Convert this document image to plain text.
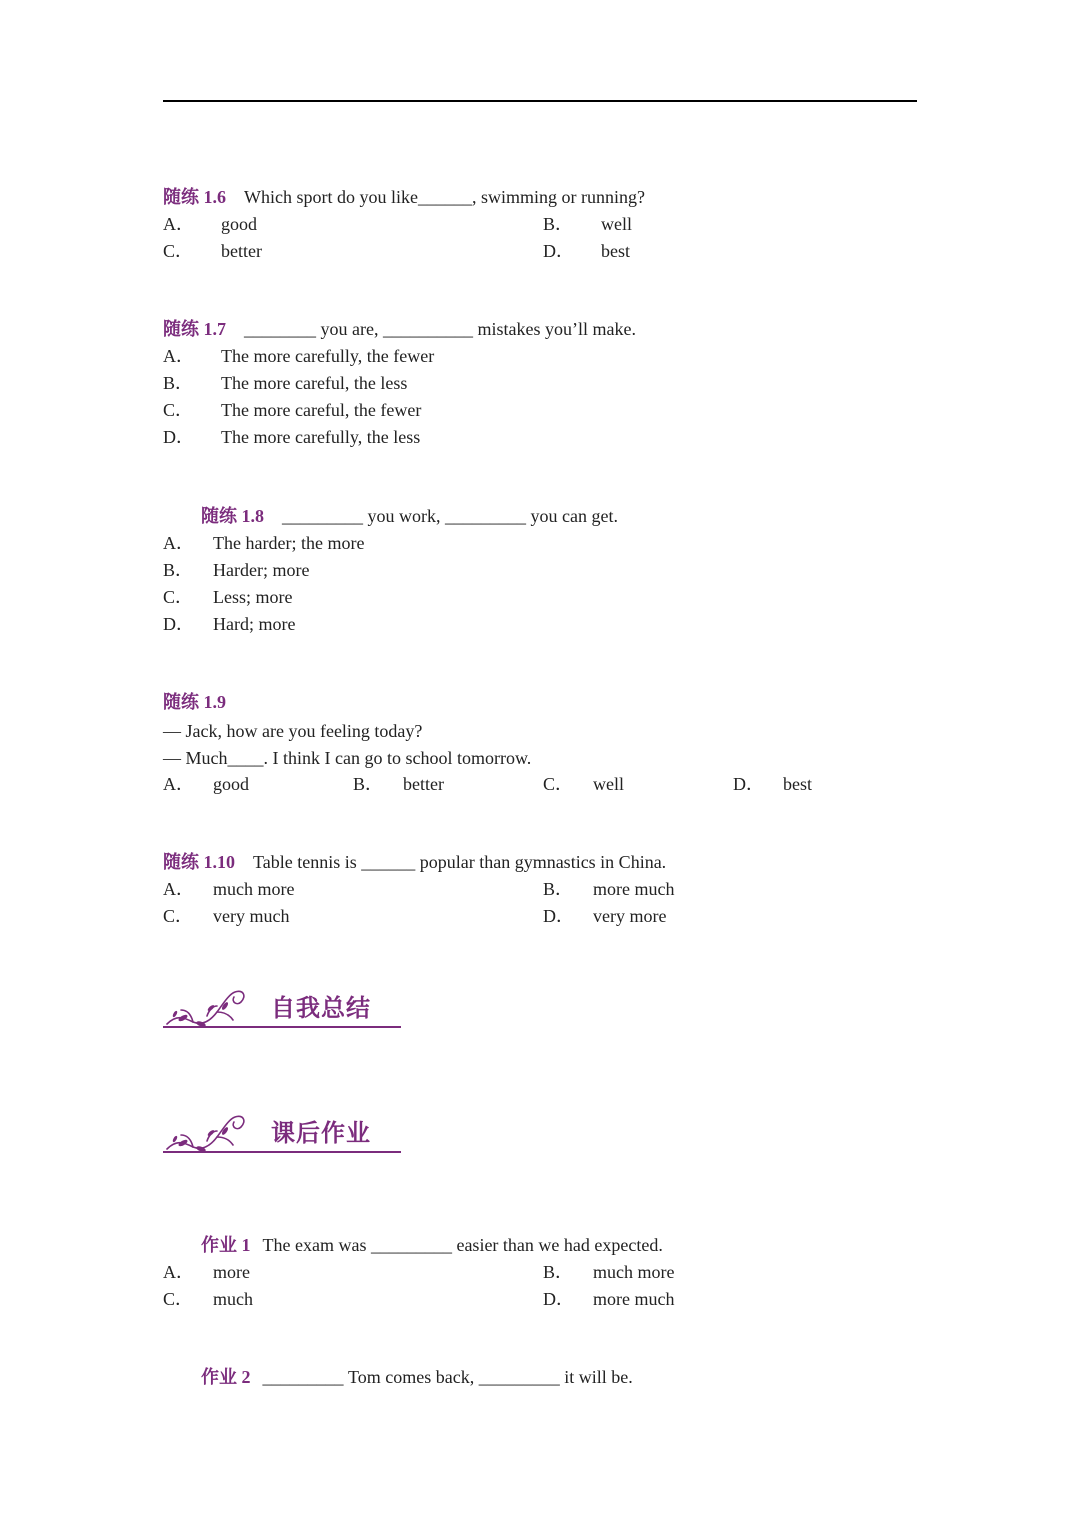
随练 1.6 Which sport do you like______, swimming or running?
A． good	B． well
C． better	D． best
随练 1.7 ________ you are, __________ mistakes you’ll make.
A． The more carefully, the fewer
B． The more careful, the less
C． The more careful, the fewer
D． The more carefully, the less
随练 1.8 _________ you work, _________ you can get.
A． The harder; the more
B． Harder; more
C． Less; more
D． Hard; more
随练 1.9
— Jack, how are you feeling today?
— Much____. I think I can go to school tomorrow.
A． good	B． better	C． well	D． best
随练 1.10 Table tennis is ______ popular than gymnastics in China.
A． much more	B． more much
C． very much	D． very more
自我总结
课后作业
作业 1 The exam was _________ easier than we had expected.
A． more	B． much more
C． much	D． more much
作业 2 _________ Tom comes back, _________ it will be.
